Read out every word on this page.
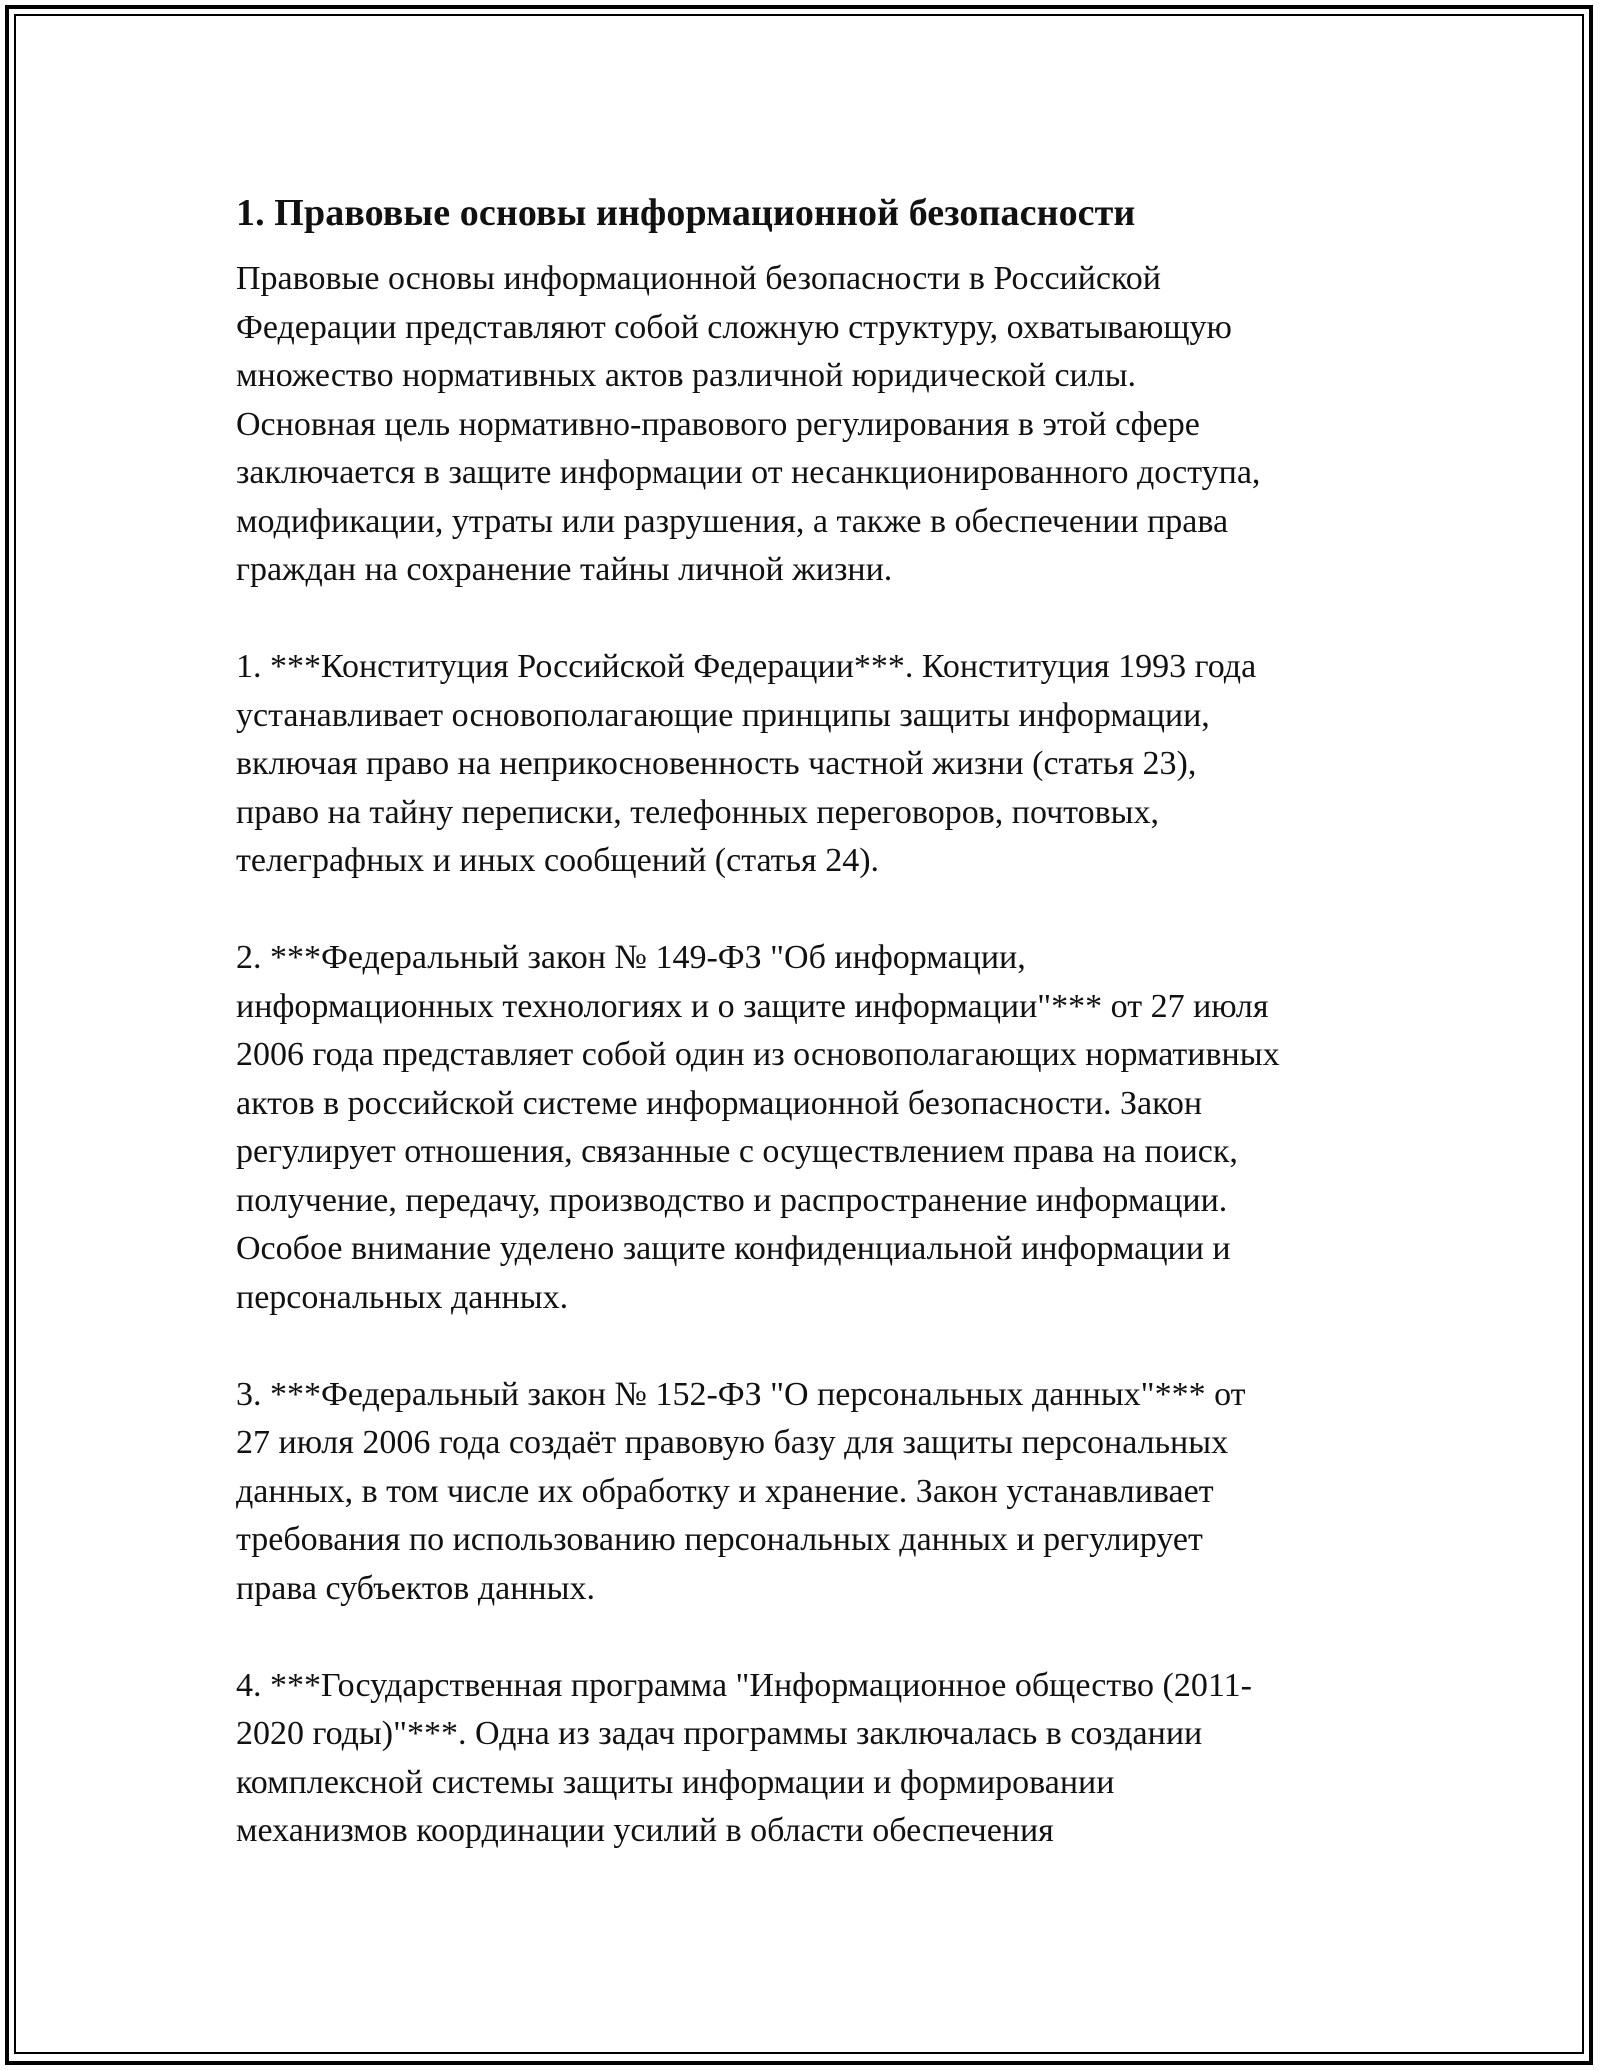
1. Правовые основы информационной безопасности

Правовые основы информационной безопасности в Российской
Федерации представляют собой сложную структуру, охватывающую
множество нормативных актов различной юридической силы.
Основная цель нормативно-правового регулирования в этой сфере
заключается в защите информации от несанкционированного доступа,
модификации, утраты или разрушения, а также в обеспечении права
граждан на сохранение тайны личной жизни.

1. ***Конституция Российской Федерации***. Конституция 1993 года
устанавливает основополагающие принципы защиты информации,
включая право на неприкосновенность частной жизни (статья 23),
право на тайну переписки, телефонных переговоров, почтовых,
телеграфных и иных сообщений (статья 24).

2. ***Федеральный закон № 149-ФЗ "Об информации,
информационных технологиях и о защите информации"*** от 27 июля
2006 года представляет собой один из основополагающих нормативных
актов в российской системе информационной безопасности. Закон
регулирует отношения, связанные с осуществлением права на поиск,
получение, передачу, производство и распространение информации.
Особое внимание уделено защите конфиденциальной информации и
персональных данных.

3. ***Федеральный закон № 152-ФЗ "О персональных данных"*** от
27 июля 2006 года создаёт правовую базу для защиты персональных
данных, в том числе их обработку и хранение. Закон устанавливает
требования по использованию персональных данных и регулирует
права субъектов данных.

4. ***Государственная программа "Информационное общество (2011-
2020 годы)"***. Одна из задач программы заключалась в создании
комплексной системы защиты информации и формировании
механизмов координации усилий в области обеспечения
